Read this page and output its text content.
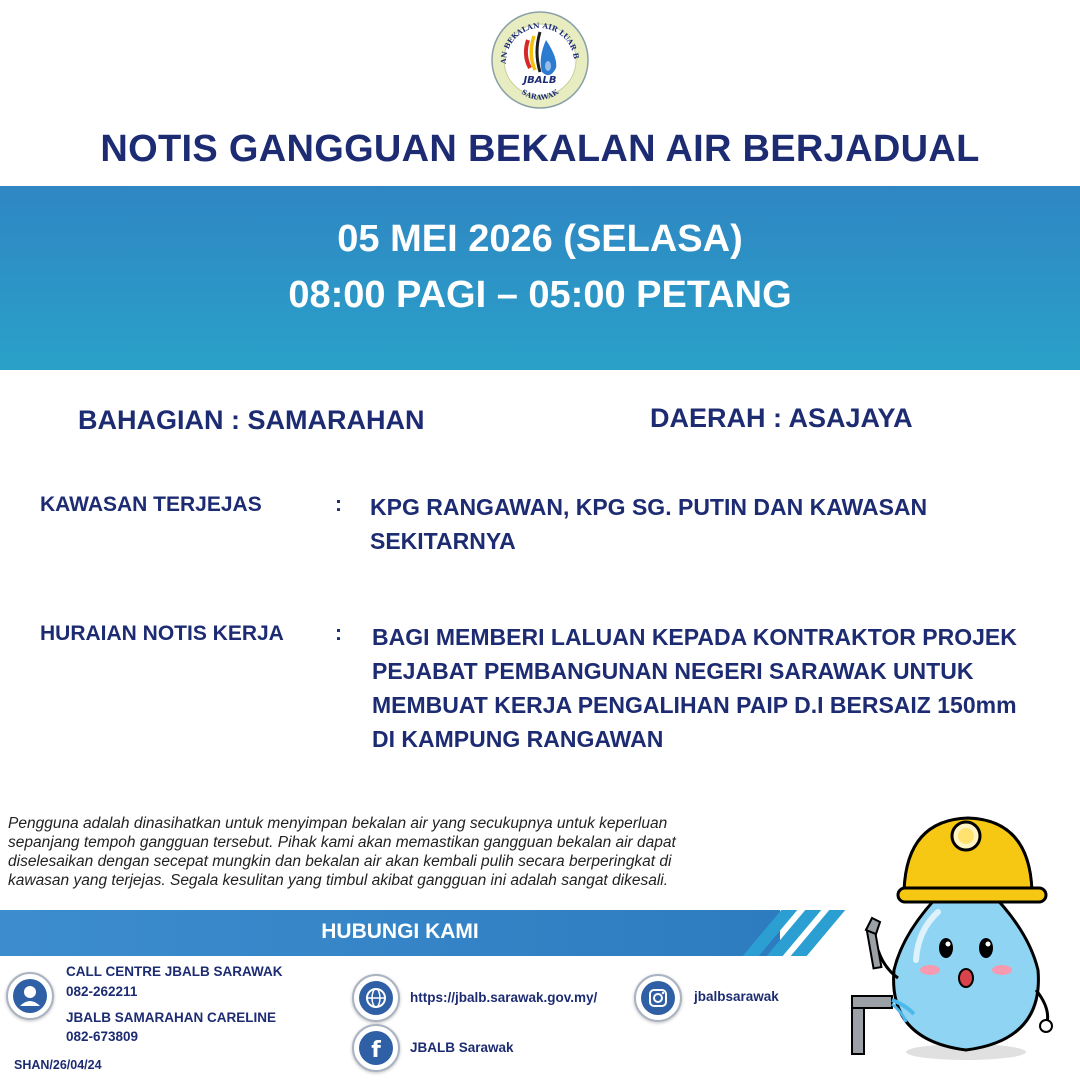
AN BEKALAN AIR LUAR B
SARAWAK
JBALB
NOTIS GANGGUAN BEKALAN AIR BERJADUAL
05 MEI 2026 (SELASA)
08:00 PAGI – 05:00 PETANG
BAHAGIAN : SAMARAHAN	DAERAH : ASAJAYA
KAWASAN TERJEJAS	: KPG RANGAWAN, KPG SG. PUTIN DAN KAWASAN
SEKITARNYA
HURAIAN NOTIS KERJA : BAGI MEMBERI LALUAN KEPADA KONTRAKTOR PROJEK
PEJABAT PEMBANGUNAN NEGERI SARAWAK UNTUK
MEMBUAT KERJA PENGALIHAN PAIP D.I BERSAIZ 150mm
DI KAMPUNG RANGAWAN
Pengguna adalah dinasihatkan untuk menyimpan bekalan air yang secukupnya untuk keperluan
sepanjang tempoh gangguan tersebut. Pihak kami akan memastikan gangguan bekalan air dapat
diselesaikan dengan secepat mungkin dan bekalan air akan kembali pulih secara berperingkat di
kawasan yang terjejas. Segala kesulitan yang timbul akibat gangguan ini adalah sangat dikesali.
HUBUNGI KAMI
CALL CENTRE JBALB SARAWAK
082-262211
JBALB SAMARAHAN CARELINE
082-673809
https://jbalb.sarawak.gov.my/
f JBALB Sarawak
jbalbsarawak
SHAN/26/04/24
